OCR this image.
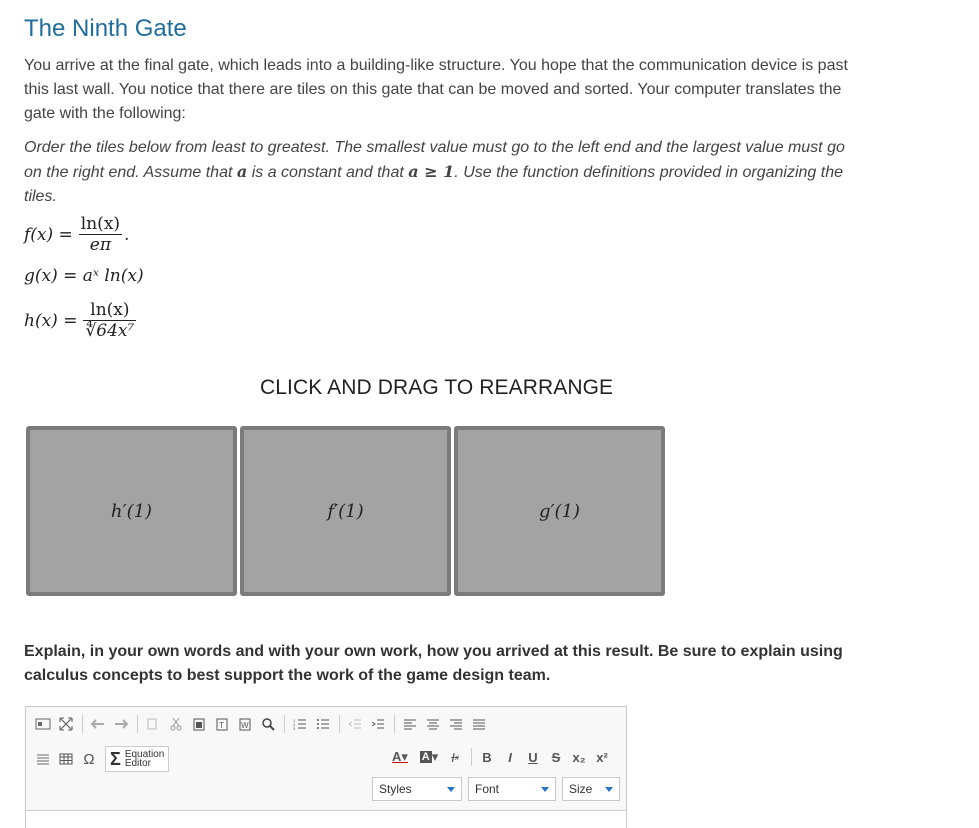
The Ninth Gate

You arrive at the final gate, which leads into a building-like structure. You hope that the communication device is past this last wall. You notice that there are tiles on this gate that can be moved and sorted. Your computer translates the gate with the following:

Order the tiles below from least to greatest. The smallest value must go to the left end and the largest value must go on the right end. Assume that a is a constant and that a ≥ 1. Use the function definitions provided in organizing the tiles.

$f(x) = \frac{\ln(x)}{e\pi}$ .
g(x) = aˣ ln(x)
$h(x) = \frac{\ln(x)}{\text{∜64x⁷}}$
CLICK AND DRAG TO REARRANGE
h′(1)	f′(1)	g′(1)
Explain, in your own words and with your own work, how you arrived at this result. Be sure to explain using calculus concepts to best support the work of the game design team.
T W
1
2
3
Ω Σ Equation
Editor	A▾	A ▾ I x	B	I	U	S x₂ x²
Styles	Font	Size
